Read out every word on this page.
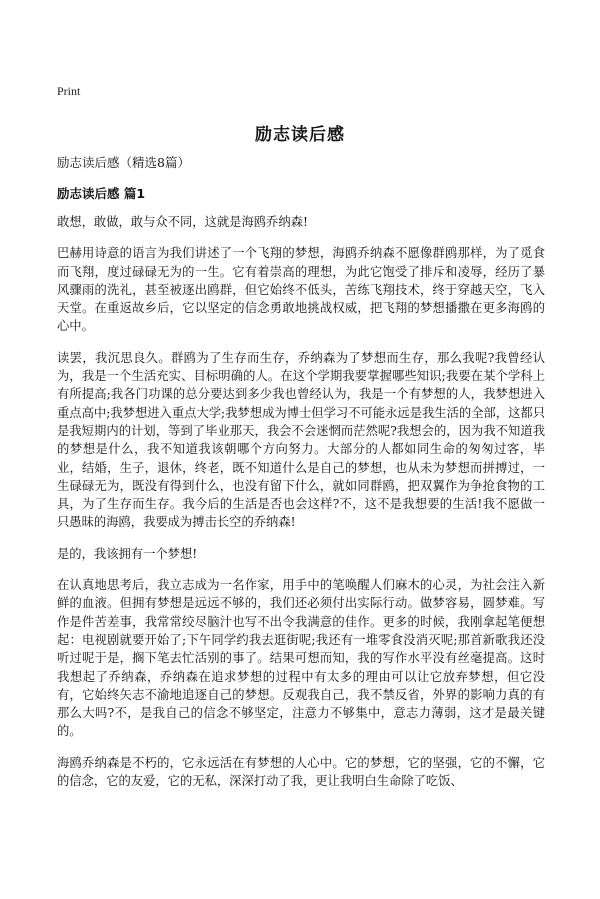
Print
励志读后感
励志读后感（精选8篇）
励志读后感 篇1

敢想，敢做，敢与众不同，这就是海鸥乔纳森!

巴赫用诗意的语言为我们讲述了一个飞翔的梦想，海鸥乔纳森不愿像群鸥那样，为了觅食而飞翔，度过碌碌无为的一生。它有着崇高的理想，为此它饱受了排斥和凌辱，经历了暴风骤雨的洗礼，甚至被逐出鸥群，但它始终不低头，苦练飞翔技术，终于穿越天空，飞入天堂。在重返故乡后，它以坚定的信念勇敢地挑战权威，把飞翔的梦想播撒在更多海鸥的心中。

读罢，我沉思良久。群鸥为了生存而生存，乔纳森为了梦想而生存，那么我呢?我曾经认为，我是一个生活充实、目标明确的人。在这个学期我要掌握哪些知识;我要在某个学科上有所提高;我各门功课的总分要达到多少我也曾经认为，我是一个有梦想的人，我梦想进入重点高中;我梦想进入重点大学;我梦想成为博士但学习不可能永远是我生活的全部，这都只是我短期内的计划，等到了毕业那天，我会不会迷惘而茫然呢?我想会的，因为我不知道我的梦想是什么，我不知道我该朝哪个方向努力。大部分的人都如同生命的匆匆过客，毕业，结婚，生子，退休，终老，既不知道什么是自己的梦想，也从未为梦想而拼搏过，一生碌碌无为，既没有得到什么，也没有留下什么，就如同群鸥，把双翼作为争抢食物的工具，为了生存而生存。我今后的生活是否也会这样?不，这不是我想要的生活!我不愿做一只愚昧的海鸥，我要成为搏击长空的乔纳森!

是的，我该拥有一个梦想!

在认真地思考后，我立志成为一名作家，用手中的笔唤醒人们麻木的心灵，为社会注入新鲜的血液。但拥有梦想是远远不够的，我们还必须付出实际行动。做梦容易，圆梦难。写作是件苦差事，我常常绞尽脑汁也写不出令我满意的佳作。更多的时候，我刚拿起笔便想起：电视剧就要开始了;下午同学约我去逛街呢;我还有一堆零食没消灭呢;那首新歌我还没听过呢于是，搁下笔去忙活别的事了。结果可想而知，我的写作水平没有丝毫提高。这时我想起了乔纳森，乔纳森在追求梦想的过程中有太多的理由可以让它放弃梦想，但它没有，它始终矢志不渝地追逐自己的梦想。反观我自己，我不禁反省，外界的影响力真的有那么大吗?不，是我自己的信念不够坚定，注意力不够集中，意志力薄弱，这才是最关键的。

海鸥乔纳森是不朽的，它永远活在有梦想的人心中。它的梦想，它的坚强，它的不懈，它的信念，它的友爱，它的无私，深深打动了我，更让我明白生命除了吃饭、
